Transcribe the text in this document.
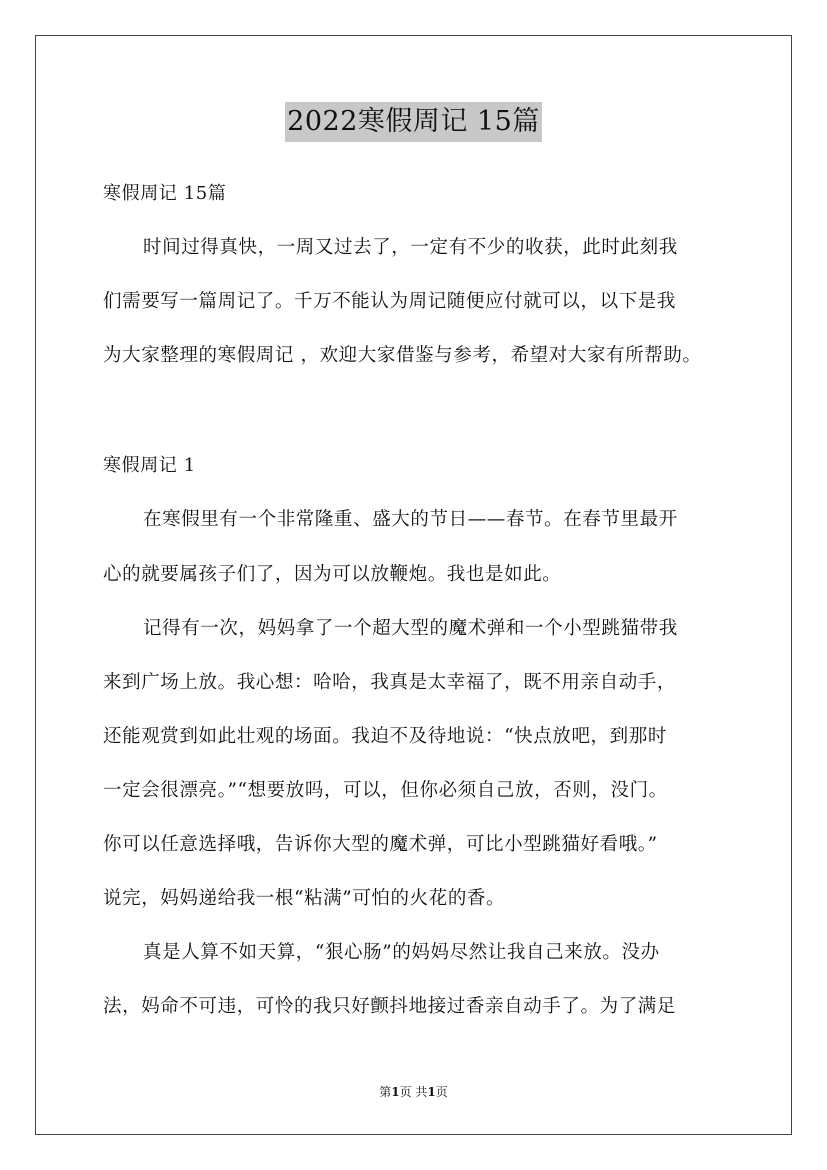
2022寒假周记 15篇
寒假周记 15篇
时间过得真快，一周又过去了，一定有不少的收获，此时此刻我
们需要写一篇周记了。千万不能认为周记随便应付就可以，以下是我
为大家整理的寒假周记 ，欢迎大家借鉴与参考，希望对大家有所帮助。
寒假周记 1
在寒假里有一个非常隆重、盛大的节日——春节。在春节里最开
心的就要属孩子们了，因为可以放鞭炮。我也是如此。
记得有一次，妈妈拿了一个超大型的魔术弹和一个小型跳猫带我
来到广场上放。我心想：哈哈，我真是太幸福了，既不用亲自动手，
还能观赏到如此壮观的场面。我迫不及待地说：“快点放吧，到那时
一定会很漂亮。”“想要放吗，可以，但你必须自己放，否则，没门。
你可以任意选择哦，告诉你大型的魔术弹，可比小型跳猫好看哦。”
说完，妈妈递给我一根“粘满”可怕的火花的香。
真是人算不如天算，“狠心肠”的妈妈尽然让我自己来放。没办
法，妈命不可违，可怜的我只好颤抖地接过香亲自动手了。为了满足
第1页 共1页
